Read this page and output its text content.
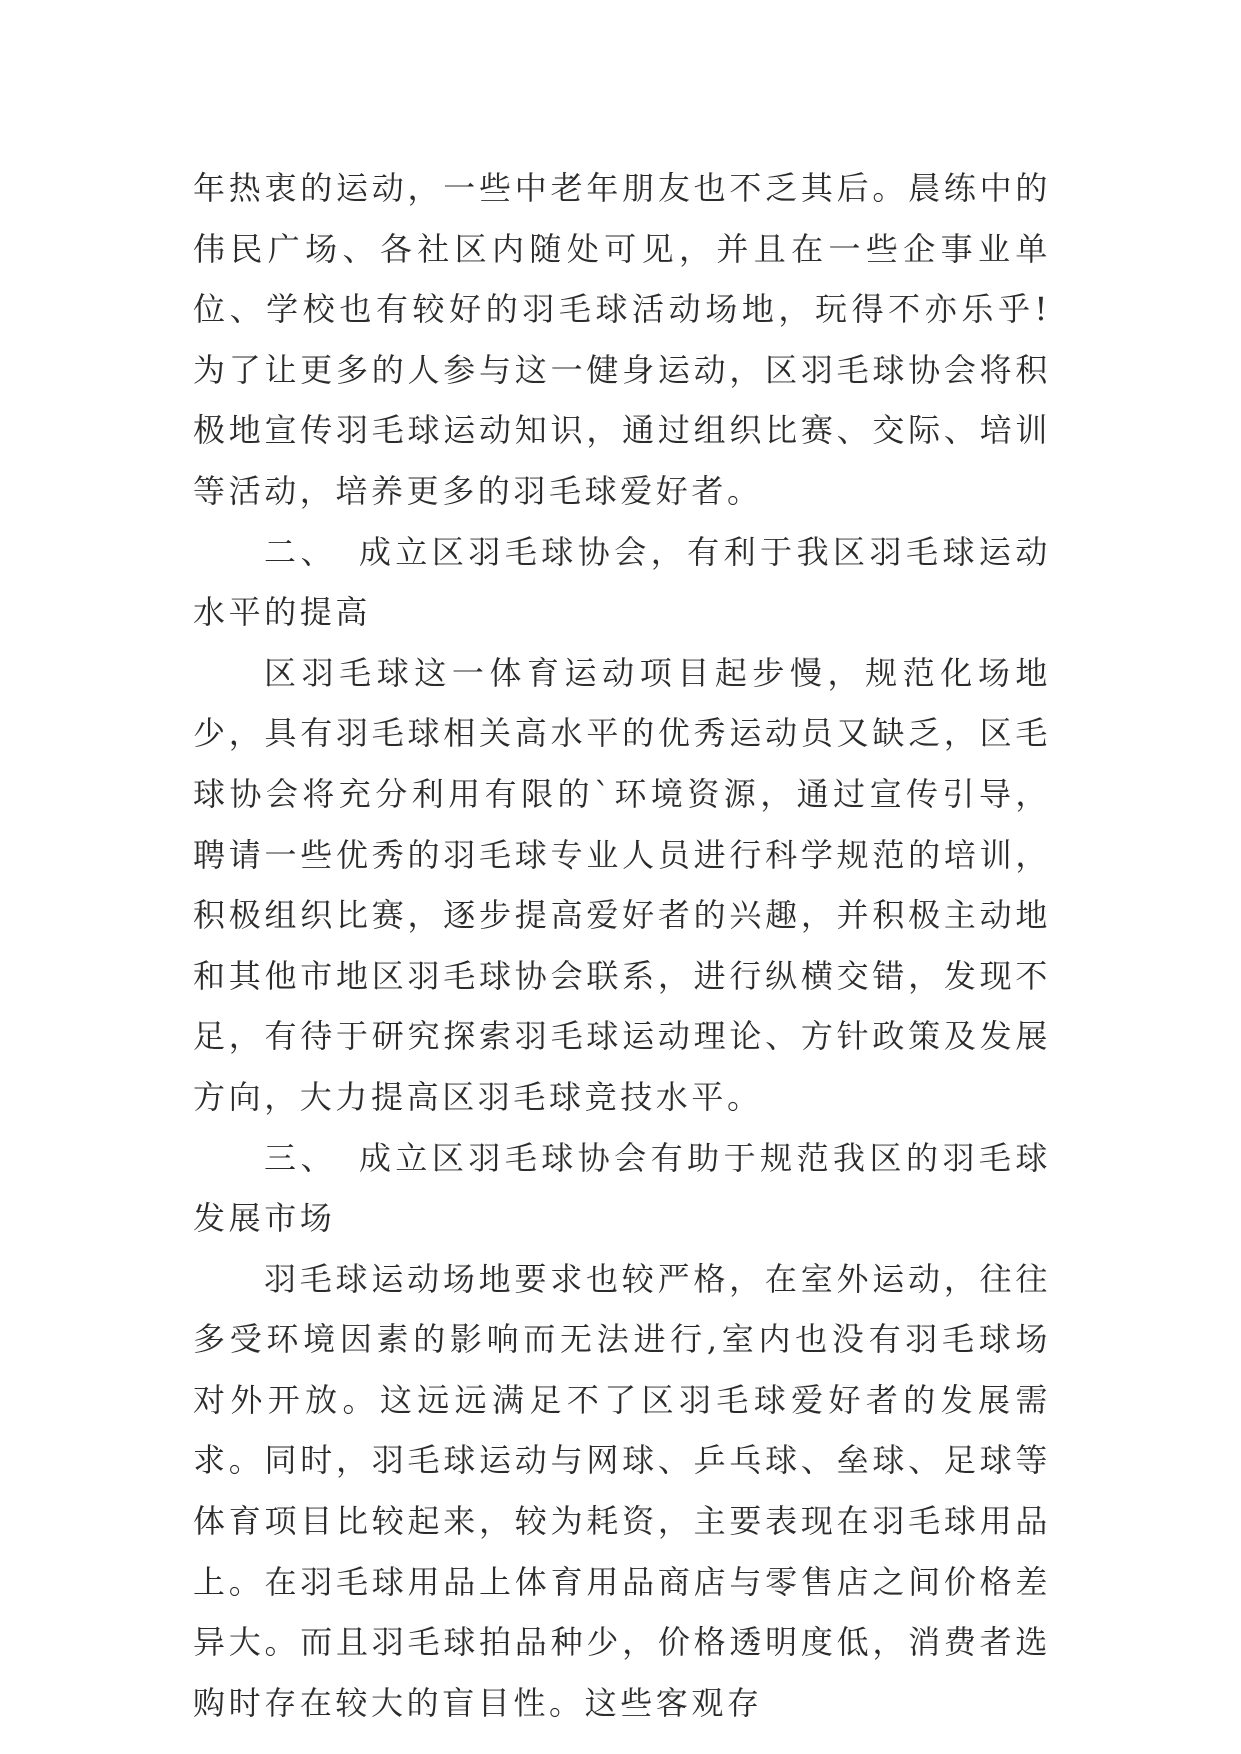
年热衷的运动，一些中老年朋友也不乏其后。晨练中的伟民广场、各社区内随处可见，并且在一些企事业单位、学校也有较好的羽毛球活动场地，玩得不亦乐乎!为了让更多的人参与这一健身运动，区羽毛球协会将积极地宣传羽毛球运动知识，通过组织比赛、交际、培训等活动，培养更多的羽毛球爱好者。

二、 成立区羽毛球协会，有利于我区羽毛球运动水平的提高

区羽毛球这一体育运动项目起步慢，规范化场地少，具有羽毛球相关高水平的优秀运动员又缺乏，区毛球协会将充分利用有限的`环境资源，通过宣传引导，聘请一些优秀的羽毛球专业人员进行科学规范的培训，积极组织比赛，逐步提高爱好者的兴趣，并积极主动地和其他市地区羽毛球协会联系，进行纵横交错，发现不足，有待于研究探索羽毛球运动理论、方针政策及发展方向，大力提高区羽毛球竞技水平。

三、 成立区羽毛球协会有助于规范我区的羽毛球发展市场

羽毛球运动场地要求也较严格，在室外运动，往往多受环境因素的影响而无法进行,室内也没有羽毛球场对外开放。这远远满足不了区羽毛球爱好者的发展需求。同时，羽毛球运动与网球、乒乓球、垒球、足球等体育项目比较起来，较为耗资，主要表现在羽毛球用品上。在羽毛球用品上体育用品商店与零售店之间价格差异大。而且羽毛球拍品种少，价格透明度低，消费者选购时存在较大的盲目性。这些客观存
